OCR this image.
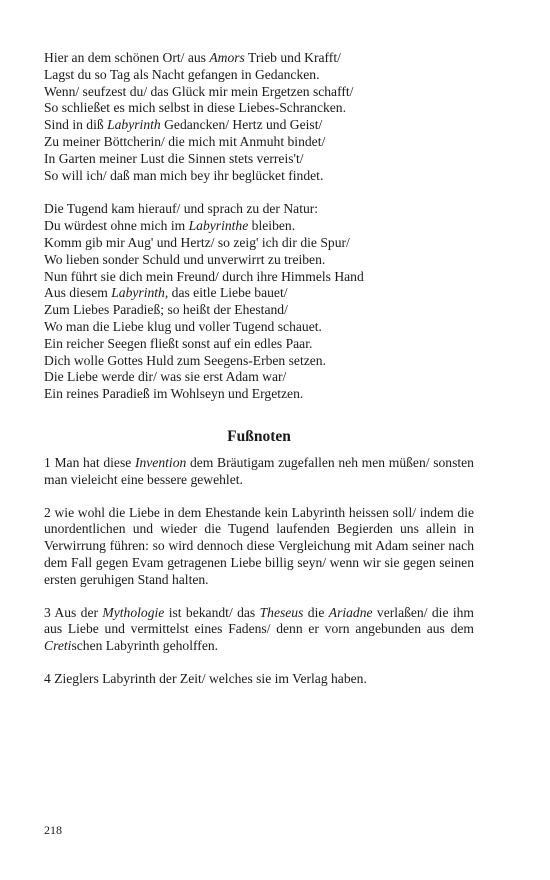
Hier an dem schönen Ort/ aus Amors Trieb und Krafft/
Lagst du so Tag als Nacht gefangen in Gedancken.
Wenn/ seufzest du/ das Glück mir mein Ergetzen schafft/
So schließet es mich selbst in diese Liebes-Schrancken.
Sind in diß Labyrinth Gedancken/ Hertz und Geist/
Zu meiner Böttcherin/ die mich mit Anmuht bindet/
In Garten meiner Lust die Sinnen stets verreis't/
So will ich/ daß man mich bey ihr beglücket findet.
Die Tugend kam hierauf/ und sprach zu der Natur:
Du würdest ohne mich im Labyrinthe bleiben.
Komm gib mir Aug' und Hertz/ so zeig' ich dir die Spur/
Wo lieben sonder Schuld und unverwirrt zu treiben.
Nun führt sie dich mein Freund/ durch ihre Himmels Hand
Aus diesem Labyrinth, das eitle Liebe bauet/
Zum Liebes Paradieß; so heißt der Ehestand/
Wo man die Liebe klug und voller Tugend schauet.
Ein reicher Seegen fließt sonst auf ein edles Paar.
Dich wolle Gottes Huld zum Seegens-Erben setzen.
Die Liebe werde dir/ was sie erst Adam war/
Ein reines Paradieß im Wohlseyn und Ergetzen.
Fußnoten

1 Man hat diese Invention dem Bräutigam zugefallen neh men müßen/ sonsten man vieleicht eine bessere gewehlet.

2 wie wohl die Liebe in dem Ehestande kein Labyrinth heissen soll/ indem die unordentlichen und wieder die Tugend laufenden Begierden uns allein in Verwirrung führen: so wird dennoch diese Vergleichung mit Adam seiner nach dem Fall gegen Evam getragenen Liebe billig seyn/ wenn wir sie gegen seinen ersten geruhigen Stand halten.

3 Aus der Mythologie ist bekandt/ das Theseus die Ariadne verlaßen/ die ihm aus Liebe und vermittelst eines Fadens/ denn er vorn angebunden aus dem Cretischen Labyrinth geholffen.

4 Zieglers Labyrinth der Zeit/ welches sie im Verlag haben.

218
